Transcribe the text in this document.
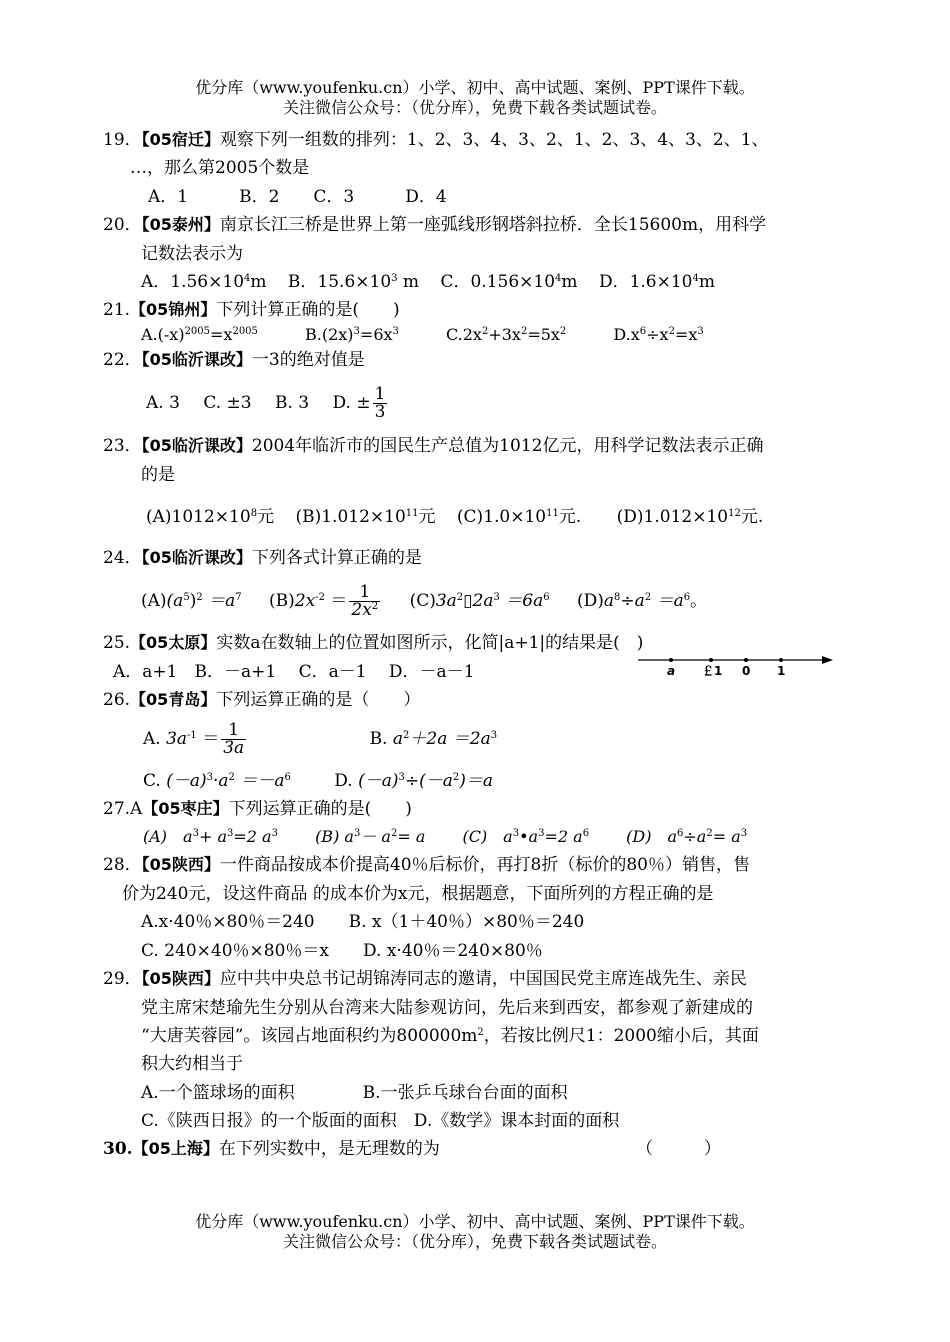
优分库（www.youfenku.cn）小学、初中、高中试题、案例、PPT课件下载。
关注微信公众号：（优分库），免费下载各类试题试卷。
19．【05宿迁】观察下列一组数的排列：1、2、3、4、3、2、1、2、3、4、3、2、1、
…，那么第2005个数是
A．1　　　B．2　　C．3　　　D．4
20．【05泰州】南京长江三桥是世界上第一座弧线形钢塔斜拉桥．全长15600m，用科学
记数法表示为
A．$1.56\times 10^4m$ B．$15.6\times 10^3$ m C．$0.156\times 10^4m$ D．$1.6\times 10^4m$
21.【05锦州】下列计算正确的是(　　)
$A.(-x)^{2005}=x^{2005}$	$B.(2x)^3=6x^3$	$C.2x^2+3x^2=5x^2$	$D.x^6\div x^2=x^3$
22．【05临沂课改】一3的绝对值是
A. 3 C. ±3 B. 3 D. ± $\frac{1}{3}$
23．【05临沂课改】2004年临沂市的国民生产总值为1012亿元，用科学记数法表示正确
的是
$(A)1012\times 10^8$元 $(B)1.012\times 10^{11}$元 $(C)1.0\times 10^{11}$元. $(D)1.012\times 10^{12}$元.
24．【05临沂课改】下列各式计算正确的是
$(A)(a^5)^2 =a^7$ $(B)2x^{-2} = \frac{1}{2x^2}$ $(C)3a^2▯2a^3 =6a^6$ $(D)a^8\div a^2 =a^6$。
25.【05太原】实数a在数轴上的位置如图所示，化简|a+1|的结果是(　)
A．a+1　B．－a+1　 C．a－1　 D．－a－1	a ￡1 0 1
26.【05青岛】下列运算正确的是（　　）
A. $3a^{-1} = \frac{1}{3a}$	B. $a^2+2a =2a^3$
C. $(-a)^3\cdot a^2 =-a^6$	D. $(-a)^3\div(-a^2)=a$
27.A【05枣庄】下列运算正确的是(　　)
(A)　$a^3+ a^3=2$ $a^3$ (B) $a^3- a^2= a$ (C)　$a^3•a^3=2$ $a^6$ (D)　$a^6\div a^2= a^3$
28．【05陕西】一件商品按成本价提高40％后标价，再打8折（标价的80％）销售，售
价为240元，设这件商品 的成本价为x元，根据题意，下面所列的方程正确的是
A.x·40％×80％＝240　　B. x（1＋40％）×80％＝240
C. 240×40％×80％＝x　　D. x·40％＝240×80％
29．【05陕西】应中共中央总书记胡锦涛同志的邀请，中国国民党主席连战先生、亲民
党主席宋楚瑜先生分别从台湾来大陆参观访问，先后来到西安，都参观了新建成的
“大唐芙蓉园”。该园占地面积约为$800000m^2$，若按比例尺1：2000缩小后，其面
积大约相当于
A.一个篮球场的面积　　　　B.一张乒乓球台台面的面积
C.《陕西日报》的一个版面的面积　D.《数学》课本封面的面积
30.【05上海】在下列实数中，是无理数的为	（　　　）
优分库（www.youfenku.cn）小学、初中、高中试题、案例、PPT课件下载。
关注微信公众号：（优分库），免费下载各类试题试卷。
